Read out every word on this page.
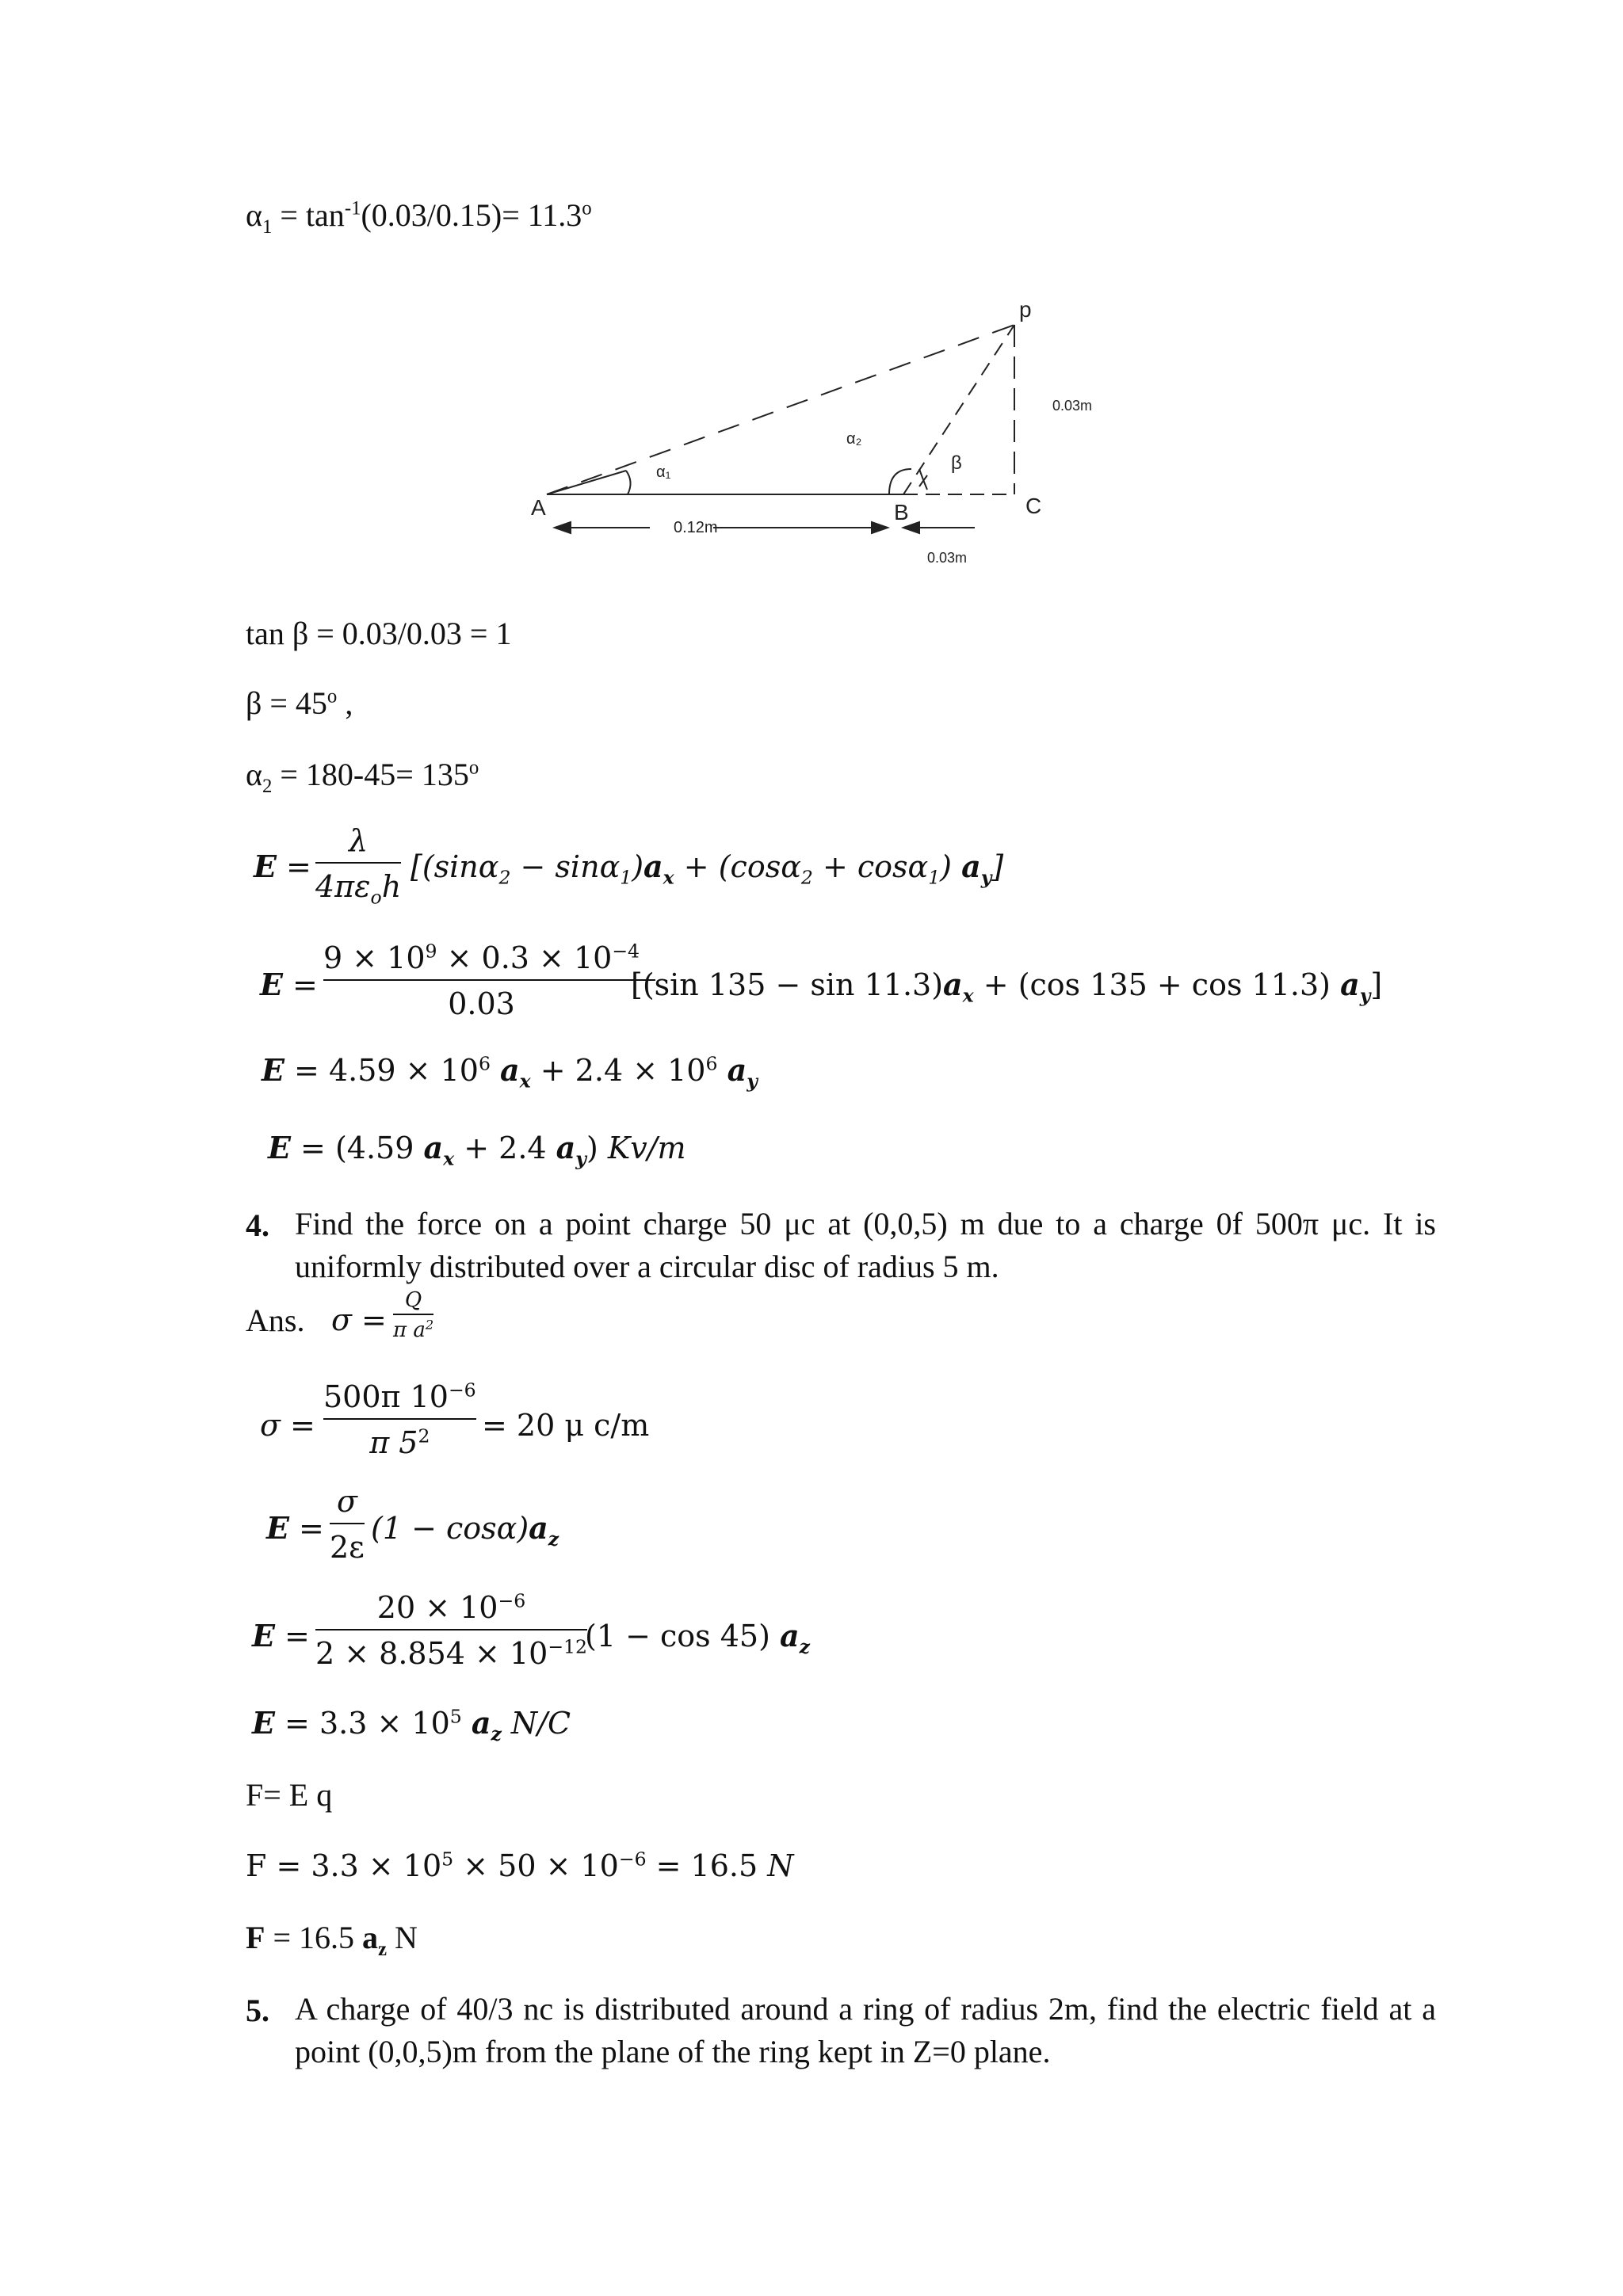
$\alpha_1 = \tan^{-1}(0.03/0.15)= 11.3^o$
p
A	B	C
α₁
α₂
β
0.12m
0.03m
0.03m
tan β = 0.03/0.03 = 1
$\beta = 45^o$ ,
$\alpha_2 = 180-45= 135^o$
E =
λ
$4\pi\varepsilon_oh$
[$(\sin\alpha_2 - \sin\alpha_1)a_x + (\cos\alpha_2 + \cos\alpha_1)$ $a_y$]
E =
$9 \times 10^9 \times 0.3 \times 10^{-4}$
0.03
[(sin $135 - \sin 11.3)a_x + (\cos$ 135 + cos 11.3) $a_y$]
$E = 4.59 \times 10^6$ $a_x + 2.4 \times 10^6$ $a_y$
E = (4.59 $a_x + 2.4$ $a_y$) Kv/m
4. Find the force on a point charge 50 μc at (0,0,5) m due to a charge 0f 500π μc. It is uniformly distributed over a circular disc of radius 5 m.
Ans. σ =
Q
π $a^2$
σ =
500π $10^{-6}$
π $5^2 = 20$ μ c/m
E =
σ
2ε
$(1 - \cos\alpha)a_z$
E =
$20 \times 10^{-6}$
$2 \times 8.854 \times 10^{-12}$
(1 − cos 45) $a_z$
$E = 3.3 \times 10^5$ $a_z$ N/C
F= E q
$F = 3.3 \times 10^5 \times 50 \times 10^{-6} = 16.5$ N
F = 16.5 $a_z$ N
5. A charge of 40/3 nc is distributed around a ring of radius 2m, find the electric field at a point (0,0,5)m from the plane of the ring kept in Z=0 plane.
